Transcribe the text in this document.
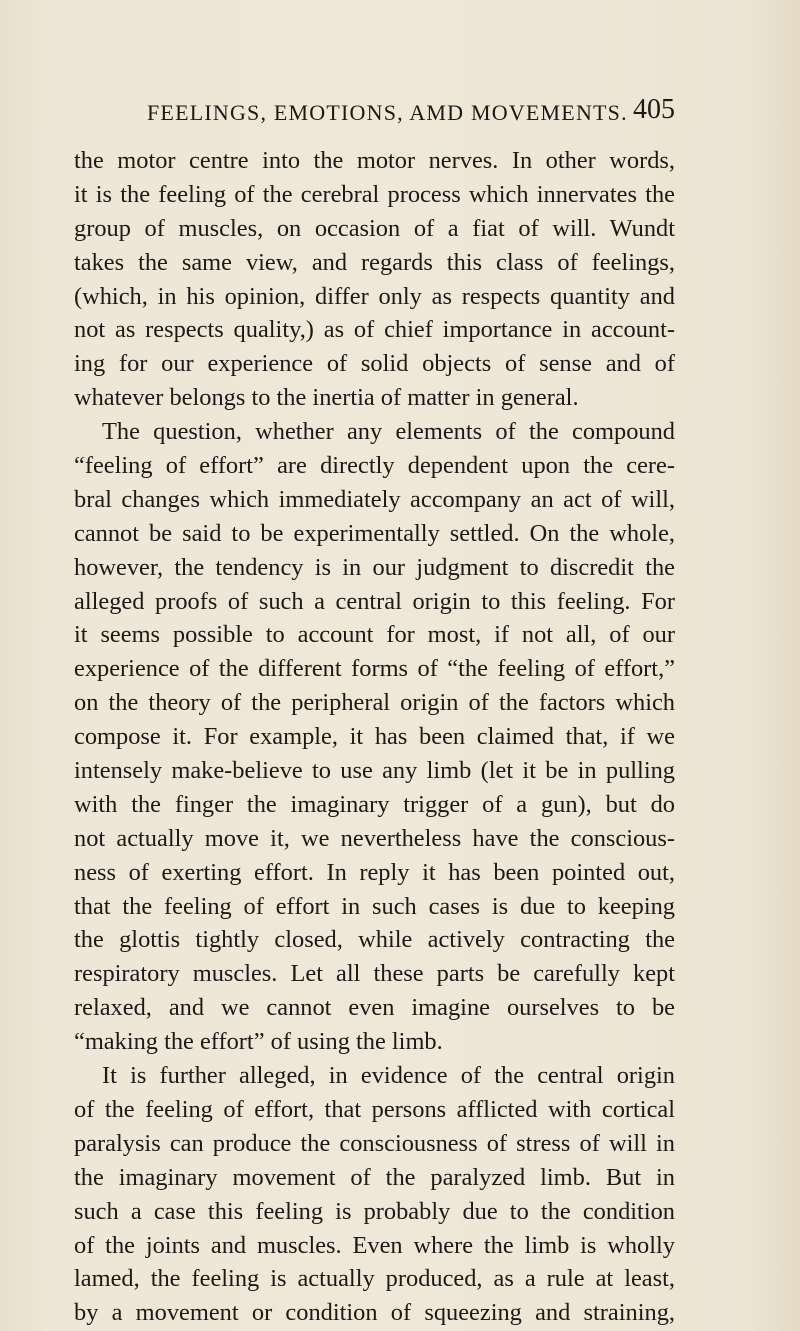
FEELINGS, EMOTIONS, AMD MOVEMENTS. 405
the motor centre into the motor nerves. In other words,
it is the feeling of the cerebral process which innervates the
group of muscles, on occasion of a fiat of will. Wundt
takes the same view, and regards this class of feelings,
(which, in his opinion, differ only as respects quantity and
not as respects quality,) as of chief importance in account-
ing for our experience of solid objects of sense and of
whatever belongs to the inertia of matter in general.
The question, whether any elements of the compound
“feeling of effort” are directly dependent upon the cere-
bral changes which immediately accompany an act of will,
cannot be said to be experimentally settled. On the whole,
however, the tendency is in our judgment to discredit the
alleged proofs of such a central origin to this feeling. For
it seems possible to account for most, if not all, of our
experience of the different forms of “the feeling of effort,”
on the theory of the peripheral origin of the factors which
compose it. For example, it has been claimed that, if we
intensely make-believe to use any limb (let it be in pulling
with the finger the imaginary trigger of a gun), but do
not actually move it, we nevertheless have the conscious-
ness of exerting effort. In reply it has been pointed out,
that the feeling of effort in such cases is due to keeping
the glottis tightly closed, while actively contracting the
respiratory muscles. Let all these parts be carefully kept
relaxed, and we cannot even imagine ourselves to be
“making the effort” of using the limb.
It is further alleged, in evidence of the central origin
of the feeling of effort, that persons afflicted with cortical
paralysis can produce the consciousness of stress of will in
the imaginary movement of the paralyzed limb. But in
such a case this feeling is probably due to the condition
of the joints and muscles. Even where the limb is wholly
lamed, the feeling is actually produced, as a rule at least,
by a movement or condition of squeezing and straining,
